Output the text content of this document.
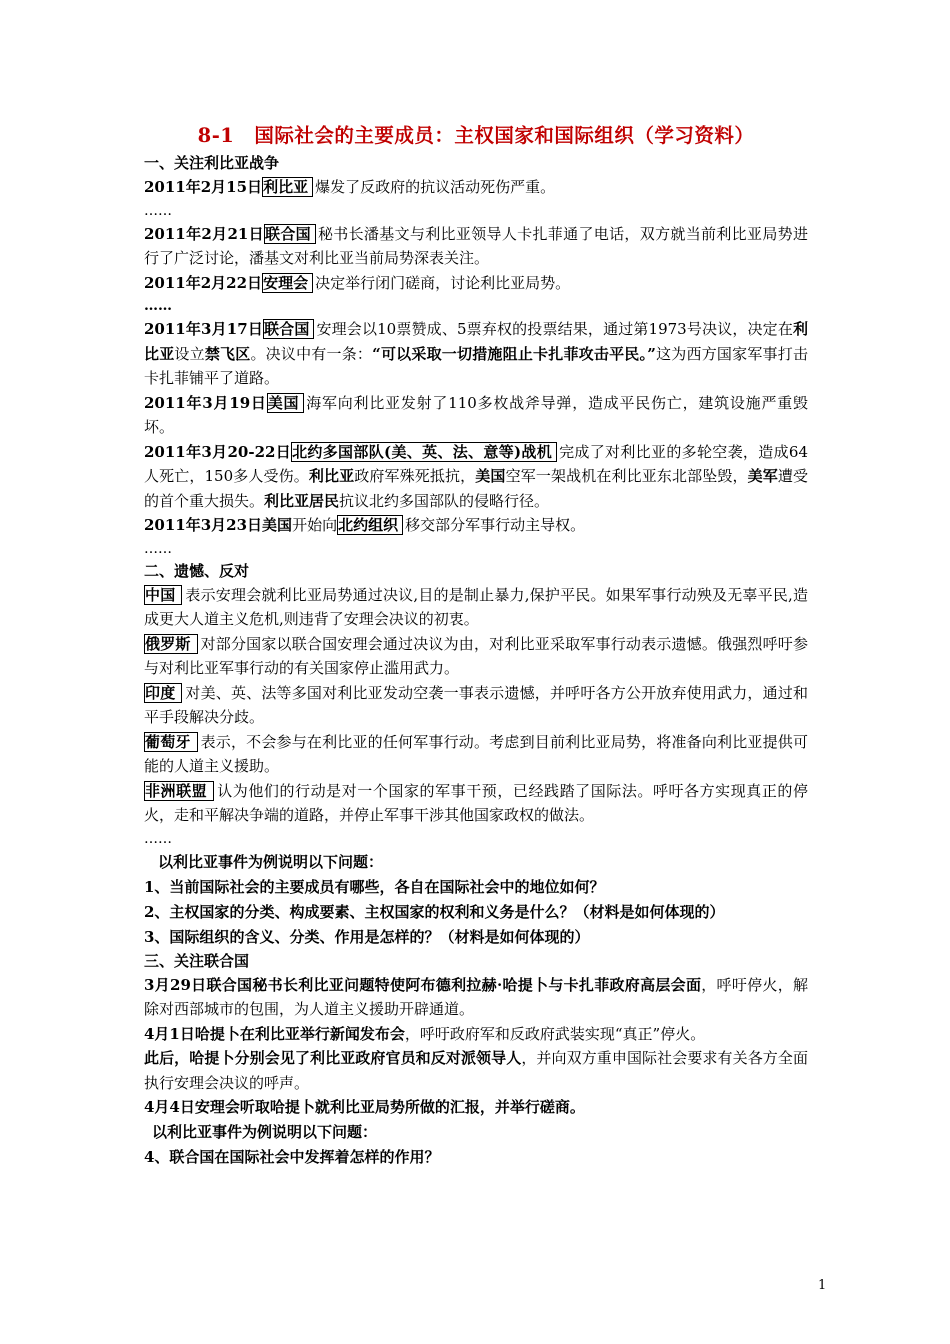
8-1　国际社会的主要成员：主权国家和国际组织（学习资料）
一、关注利比亚战争

2011年2月15日利比亚 爆发了反政府的抗议活动死伤严重。

……

2011年2月21日联合国 秘书长潘基文与利比亚领导人卡扎菲通了电话，双方就当前利比亚局势进行了广泛讨论，潘基文对利比亚当前局势深表关注。

2011年2月22日安理会 决定举行闭门磋商，讨论利比亚局势。

……

2011年3月17日联合国 安理会以10票赞成、5票弃权的投票结果，通过第1973号决议，决定在利比亚设立禁飞区。决议中有一条：“可以采取一切措施阻止卡扎菲攻击平民。”这为西方国家军事打击卡扎菲铺平了道路。

2011年3月19日美国 海军向利比亚发射了110多枚战斧导弹，造成平民伤亡，建筑设施严重毁坏。

2011年3月20-22日北约多国部队(美、英、法、意等)战机 完成了对利比亚的多轮空袭，造成64人死亡，150多人受伤。利比亚政府军殊死抵抗，美国空军一架战机在利比亚东北部坠毁，美军遭受的首个重大损失。利比亚居民抗议北约多国部队的侵略行径。

2011年3月23日美国开始向北约组织 移交部分军事行动主导权。

……
二、遗憾、反对

中国 表示安理会就利比亚局势通过决议,目的是制止暴力,保护平民。如果军事行动殃及无辜平民,造成更大人道主义危机,则违背了安理会决议的初衷。

俄罗斯 对部分国家以联合国安理会通过决议为由，对利比亚采取军事行动表示遗憾。俄强烈呼吁参与对利比亚军事行动的有关国家停止滥用武力。

印度 对美、英、法等多国对利比亚发动空袭一事表示遗憾，并呼吁各方公开放弃使用武力，通过和平手段解决分歧。

葡萄牙 表示，不会参与在利比亚的任何军事行动。考虑到目前利比亚局势，将准备向利比亚提供可能的人道主义援助。

非洲联盟 认为他们的行动是对一个国家的军事干预，已经践踏了国际法。呼吁各方实现真正的停火，走和平解决争端的道路，并停止军事干涉其他国家政权的做法。

……
以利比亚事件为例说明以下问题：
1、当前国际社会的主要成员有哪些，各自在国际社会中的地位如何？
2、主权国家的分类、构成要素、主权国家的权利和义务是什么？（材料是如何体现的）
3、国际组织的含义、分类、作用是怎样的？（材料是如何体现的）
三、关注联合国

3月29日联合国秘书长利比亚问题特使阿布德利拉赫·哈提卜与卡扎菲政府高层会面，呼吁停火，解除对西部城市的包围，为人道主义援助开辟通道。

4月1日哈提卜在利比亚举行新闻发布会，呼吁政府军和反政府武装实现“真正”停火。

此后，哈提卜分别会见了利比亚政府官员和反对派领导人，并向双方重申国际社会要求有关各方全面执行安理会决议的呼声。

4月4日安理会听取哈提卜就利比亚局势所做的汇报，并举行磋商。

以利比亚事件为例说明以下问题：
4、联合国在国际社会中发挥着怎样的作用？
1
